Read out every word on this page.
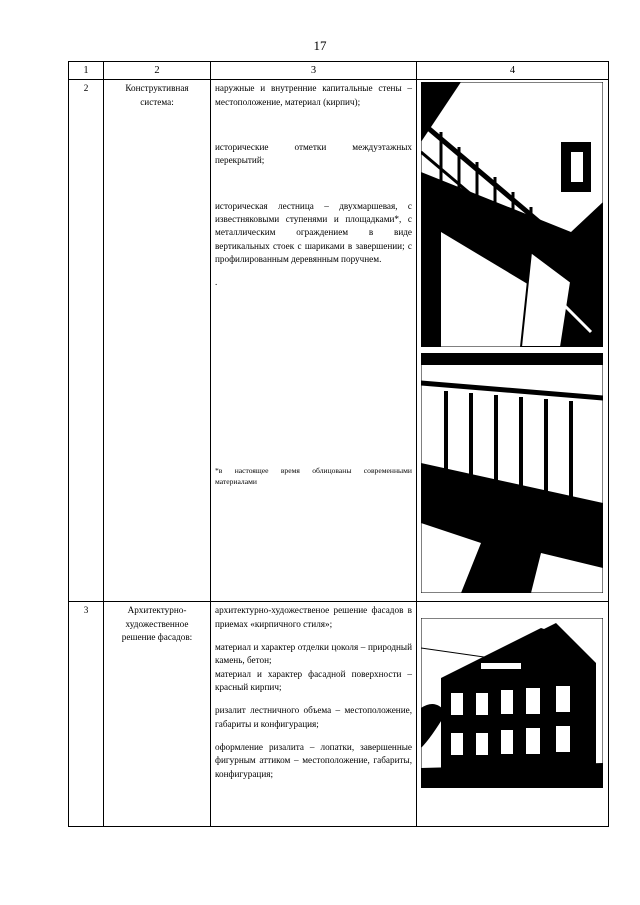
17
1	2	3	4
2	Конструктивная система:	наружные и внутренние капитальные стены – местоположение, материал (кирпич);

исторические отметки междуэтажных перекрытий;

историческая лестница – двухмаршевая, с известняковыми ступенями и площадками*, с металлическим ограждением в виде вертикальных стоек с шариками в завершении; с профилированным деревянным поручнем.

.
*в настоящее время облицованы современными материалами

3	Архитектурно-художественное решение фасадов:	архитектурно-художественое решение фасадов в приемах «кирпичного стиля»;

материал и характер отделки цоколя – природный камень, бетон;

материал и характер фасадной поверхности – красный кирпич;

ризалит лестничного объема – местоположение, габариты и конфигурация;

оформление ризалита – лопатки, завершенные фигурным аттиком – местоположение, габариты, конфигурация;
